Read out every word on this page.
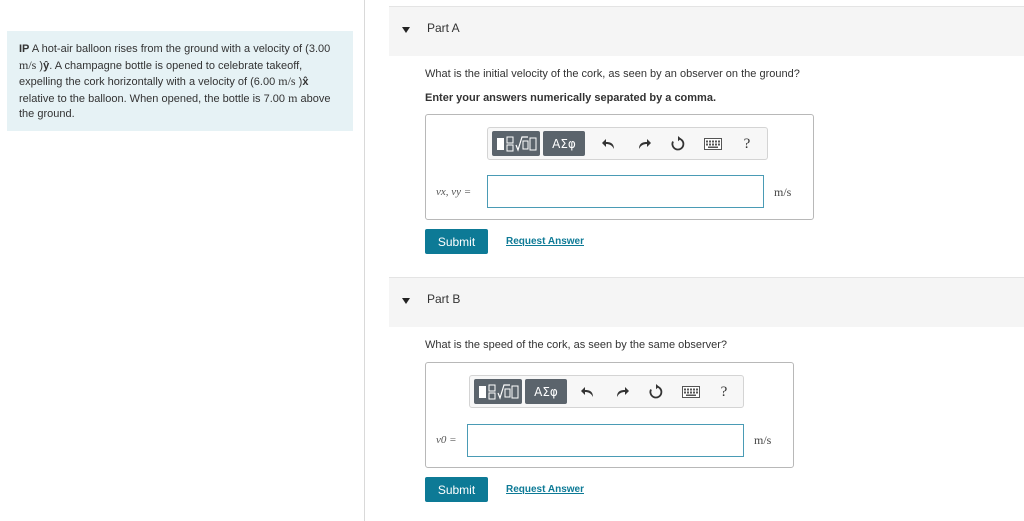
IP A hot-air balloon rises from the ground with a velocity of (3.00 m/s )ŷ. A champagne bottle is opened to celebrate takeoff, expelling the cork horizontally with a velocity of (6.00 m/s )x̂ relative to the balloon. When opened, the bottle is 7.00 m above the ground.
Part A
What is the initial velocity of the cork, as seen by an observer on the ground?
Enter your answers numerically separated by a comma.
ΑΣφ	?
vx, vy =	m/s
Submit	Request Answer
Part B
What is the speed of the cork, as seen by the same observer?
ΑΣφ	?
v0 =	m/s
Submit	Request Answer
